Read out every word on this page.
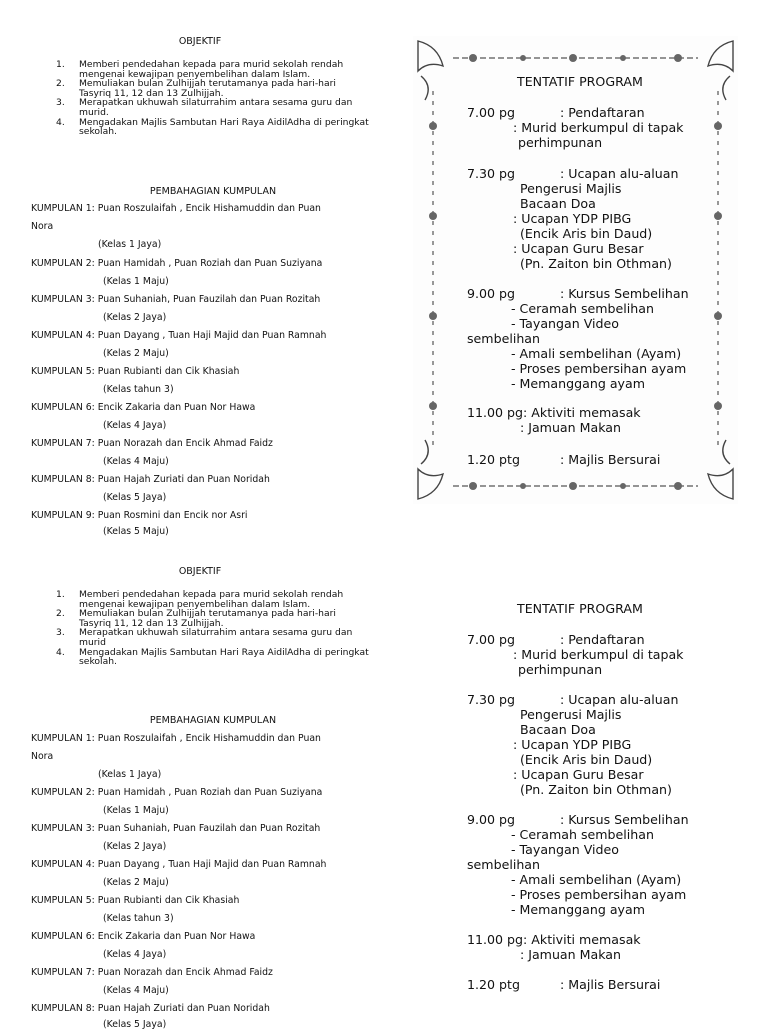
OBJEKTIF
1. Memberi pendedahan kepada para murid sekolah rendah mengenai kewajipan penyembelihan dalam Islam.
2. Memuliakan bulan Zulhijjah terutamanya pada hari-hari Tasyriq 11, 12 dan 13 Zulhijjah.
3. Merapatkan ukhuwah silaturrahim antara sesama guru dan murid.
4. Mengadakan Majlis Sambutan Hari Raya AidilAdha di peringkat sekolah.
PEMBAHAGIAN KUMPULAN
KUMPULAN 1: Puan Roszulaifah , Encik Hishamuddin dan Puan
Nora
(Kelas 1 Jaya)
KUMPULAN 2: Puan Hamidah , Puan Roziah dan Puan Suziyana
(Kelas 1 Maju)
KUMPULAN 3: Puan Suhaniah, Puan Fauzilah dan Puan Rozitah
(Kelas 2 Jaya)
KUMPULAN 4: Puan Dayang , Tuan Haji Majid dan Puan Ramnah
(Kelas 2 Maju)
KUMPULAN 5: Puan Rubianti dan Cik Khasiah
(Kelas tahun 3)
KUMPULAN 6: Encik Zakaria dan Puan Nor Hawa
(Kelas 4 Jaya)
KUMPULAN 7: Puan Norazah dan Encik Ahmad Faidz
(Kelas 4 Maju)
KUMPULAN 8: Puan Hajah Zuriati dan Puan Noridah
(Kelas 5 Jaya)
KUMPULAN 9: Puan Rosmini dan Encik nor Asri
(Kelas 5 Maju)
TENTATIF PROGRAM
7.00 pg	: Pendaftaran
: Murid berkumpul di tapak
perhimpunan
7.30 pg	: Ucapan alu-aluan
Pengerusi Majlis
Bacaan Doa
: Ucapan YDP PIBG
(Encik Aris bin Daud)
: Ucapan Guru Besar
(Pn. Zaiton bin Othman)
9.00 pg	: Kursus Sembelihan
- Ceramah sembelihan
- Tayangan Video
sembelihan
- Amali sembelihan (Ayam)
- Proses pembersihan ayam
- Memanggang ayam
11.00 pg: Aktiviti memasak
: Jamuan Makan
1.20 ptg	: Majlis Bersurai
OBJEKTIF
1. Memberi pendedahan kepada para murid sekolah rendah mengenai kewajipan penyembelihan dalam Islam.
2. Memuliakan bulan Zulhijjah terutamanya pada hari-hari Tasyriq 11, 12 dan 13 Zulhijjah.
3. Merapatkan ukhuwah silaturrahim antara sesama guru dan murid
4. Mengadakan Majlis Sambutan Hari Raya AidilAdha di peringkat sekolah.
PEMBAHAGIAN KUMPULAN
KUMPULAN 1: Puan Roszulaifah , Encik Hishamuddin dan Puan
Nora
(Kelas 1 Jaya)
KUMPULAN 2: Puan Hamidah , Puan Roziah dan Puan Suziyana
(Kelas 1 Maju)
KUMPULAN 3: Puan Suhaniah, Puan Fauzilah dan Puan Rozitah
(Kelas 2 Jaya)
KUMPULAN 4: Puan Dayang , Tuan Haji Majid dan Puan Ramnah
(Kelas 2 Maju)
KUMPULAN 5: Puan Rubianti dan Cik Khasiah
(Kelas tahun 3)
KUMPULAN 6: Encik Zakaria dan Puan Nor Hawa
(Kelas 4 Jaya)
KUMPULAN 7: Puan Norazah dan Encik Ahmad Faidz
(Kelas 4 Maju)
KUMPULAN 8: Puan Hajah Zuriati dan Puan Noridah
(Kelas 5 Jaya)
TENTATIF PROGRAM
7.00 pg	: Pendaftaran
: Murid berkumpul di tapak
perhimpunan
7.30 pg	: Ucapan alu-aluan
Pengerusi Majlis
Bacaan Doa
: Ucapan YDP PIBG
(Encik Aris bin Daud)
: Ucapan Guru Besar
(Pn. Zaiton bin Othman)
9.00 pg	: Kursus Sembelihan
- Ceramah sembelihan
- Tayangan Video
sembelihan
- Amali sembelihan (Ayam)
- Proses pembersihan ayam
- Memanggang ayam
11.00 pg: Aktiviti memasak
: Jamuan Makan
1.20 ptg	: Majlis Bersurai
